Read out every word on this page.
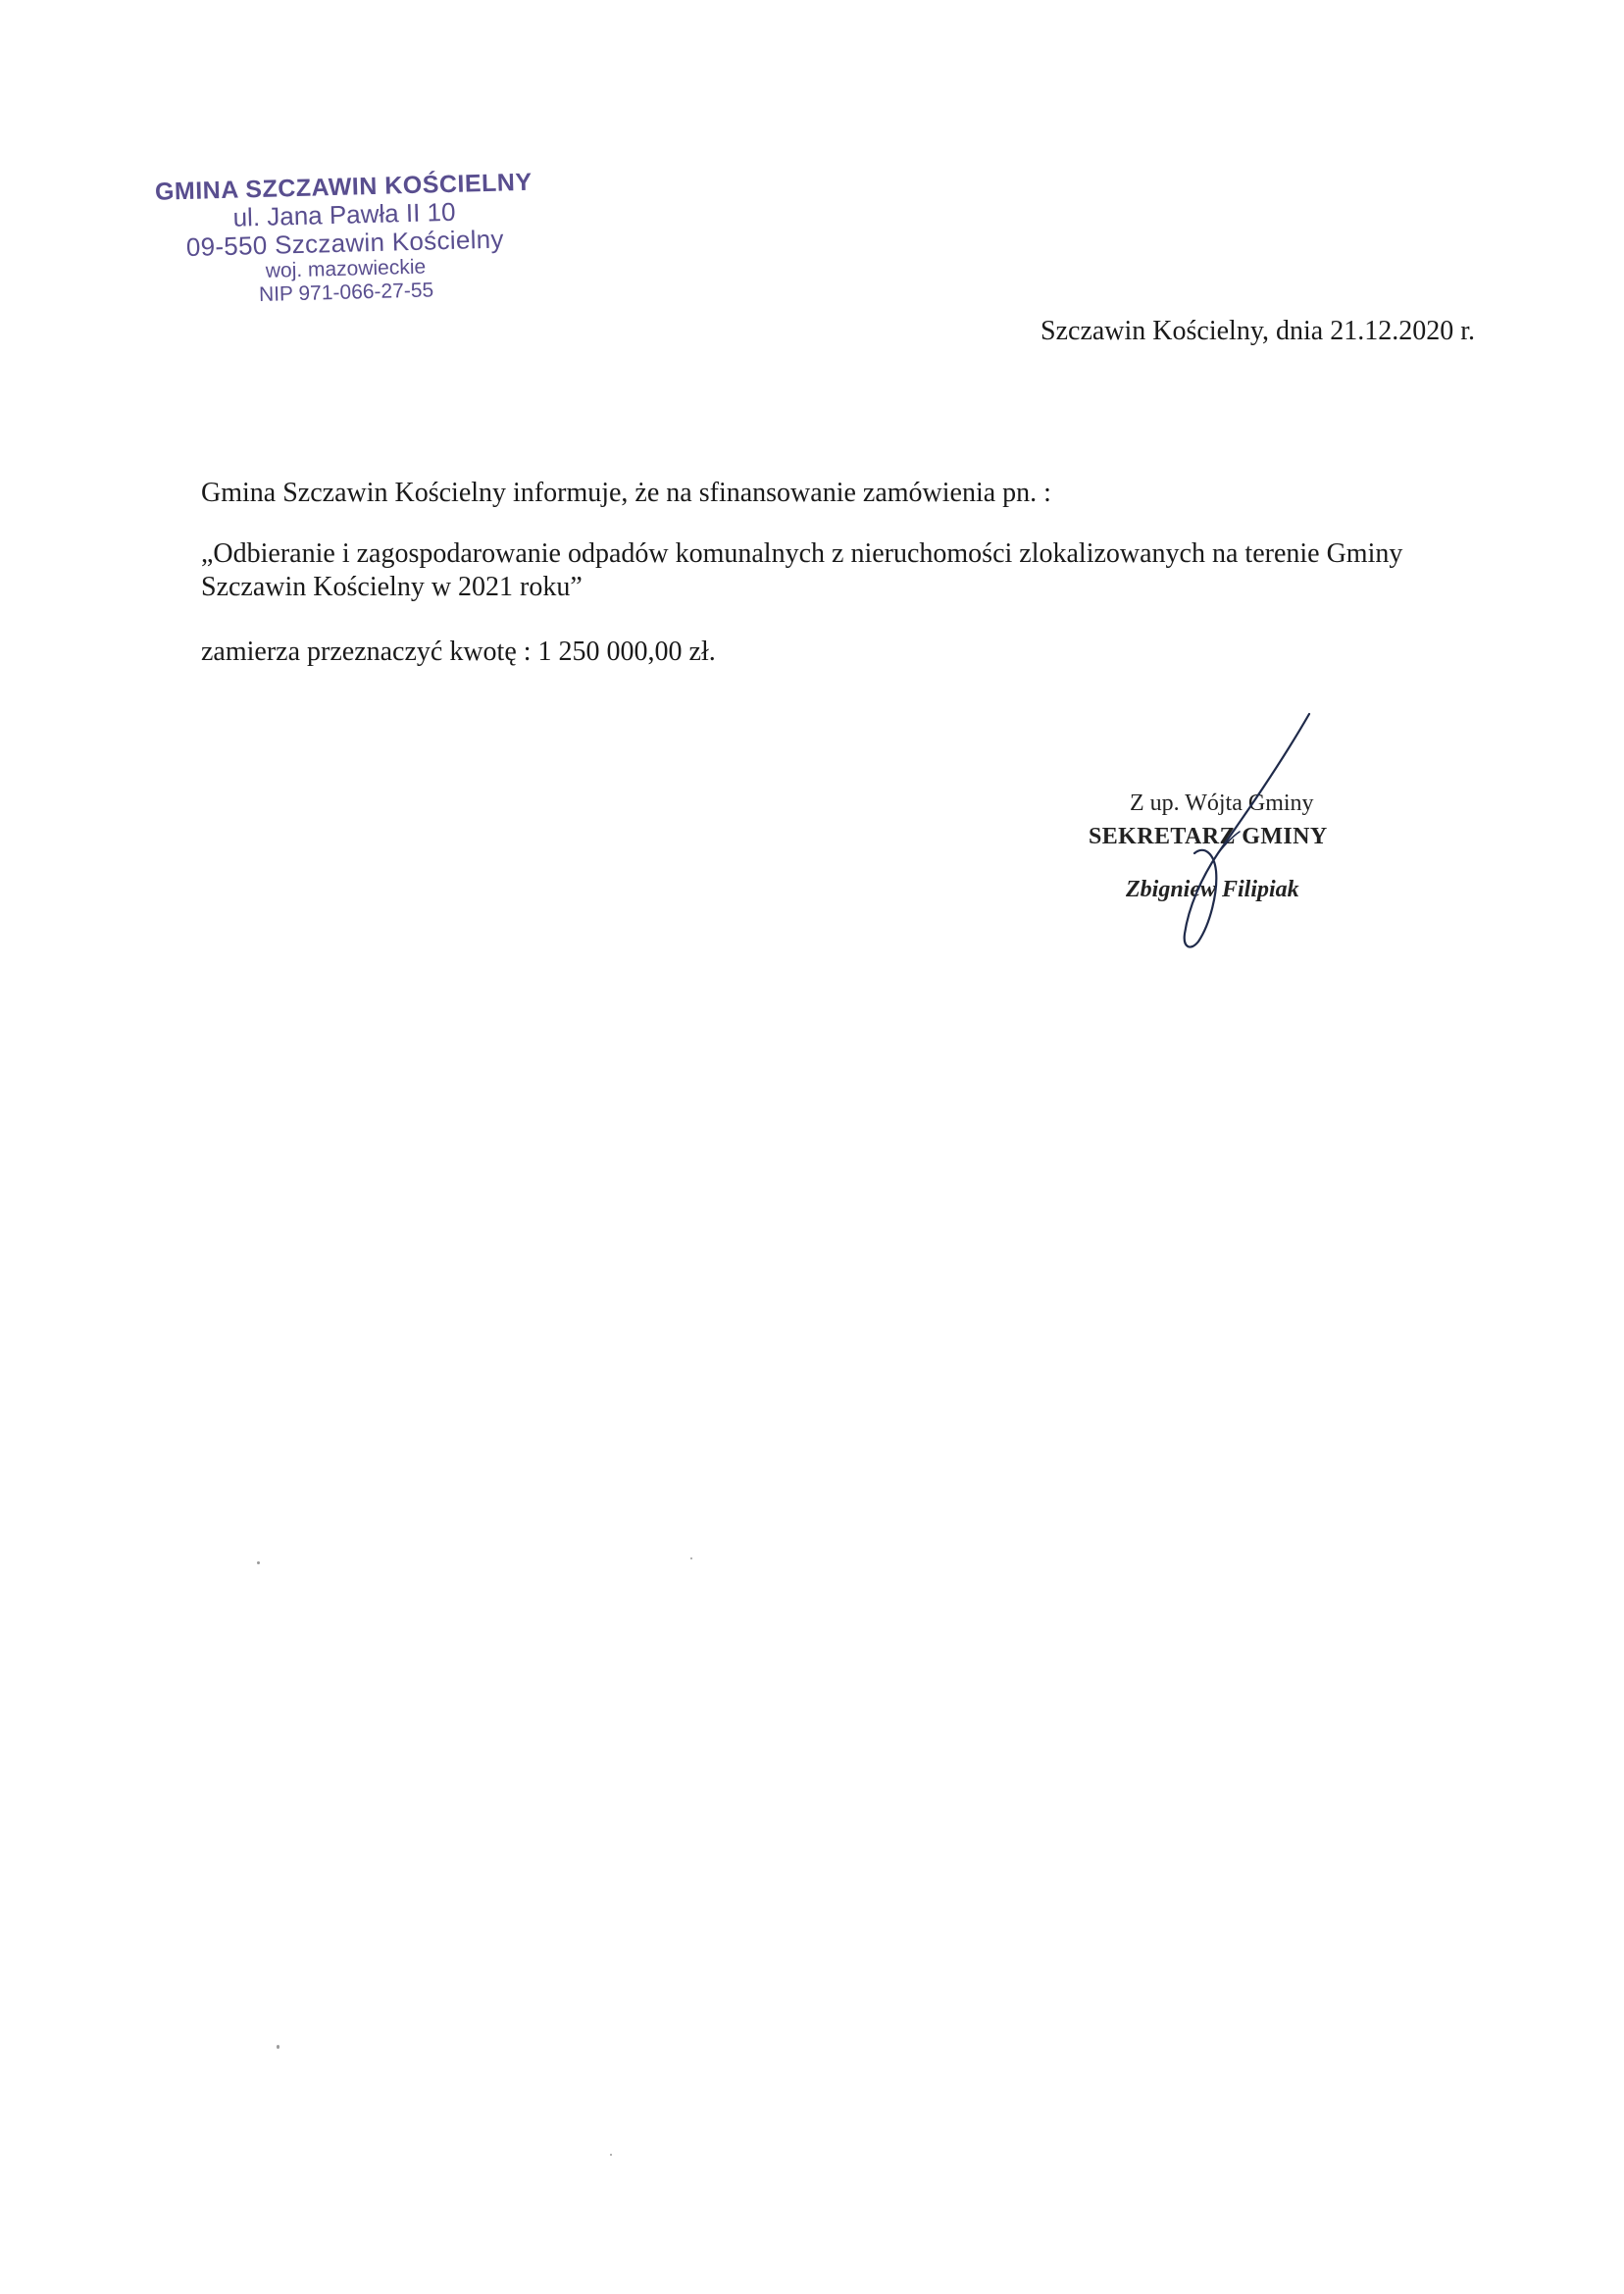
GMINA SZCZAWIN KOŚCIELNY
ul. Jana Pawła II 10
09-550 Szczawin Kościelny
woj. mazowieckie
NIP 971-066-27-55
Szczawin Kościelny, dnia 21.12.2020 r.
Gmina Szczawin Kościelny informuje, że na sfinansowanie zamówienia pn. :
„Odbieranie i zagospodarowanie odpadów komunalnych z nieruchomości zlokalizowanych na terenie Gminy Szczawin Kościelny w 2021 roku”
zamierza przeznaczyć kwotę : 1 250 000,00 zł.
Z up. Wójta Gminy
SEKRETARZ GMINY
Zbigniew Filipiak
